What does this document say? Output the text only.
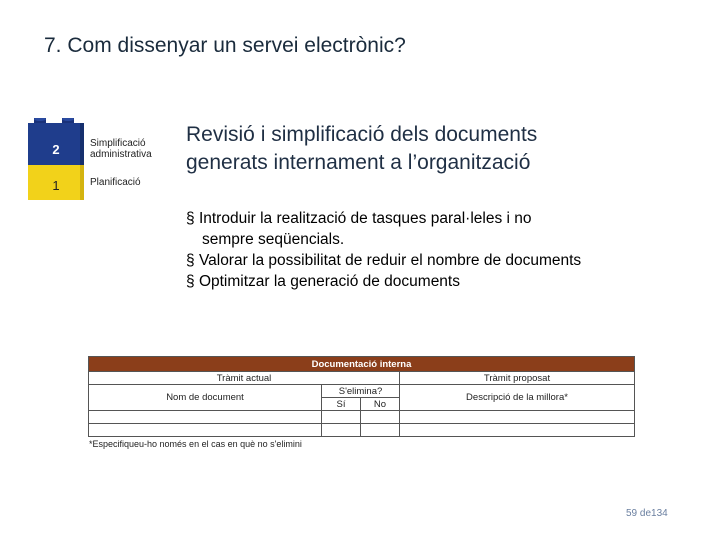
7. Com dissenyar un servei electrònic?
2
1
Simplificació
administrativa
Planificació
Revisió i simplificació dels documents
generats internament a l’organització
§ Introduir la realització de tasques paral·leles i no
sempre seqüencials.
§ Valorar la possibilitat de reduir el nombre de documents
§ Optimitzar la generació de documents
Documentació interna			
Tràmit actual			Tràmit proposat
Nom de document	S'elimina?		Descripció de la millora*
	Sí	No	

*Especifiqueu-ho només en el cas en què no s'elimini
59 de134
